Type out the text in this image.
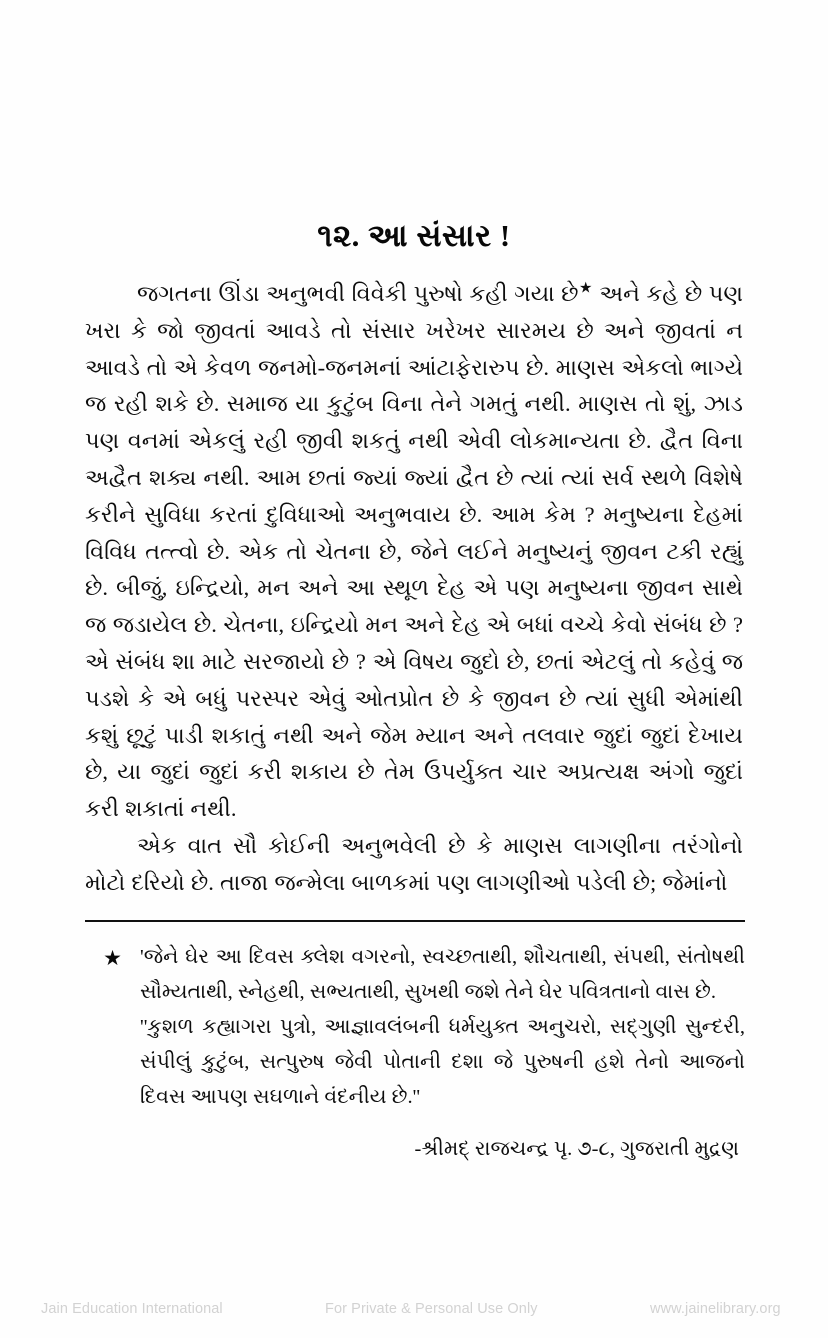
૧૨. આ સંસાર !

જગતના ઊંડા અનુભવી વિવેકી પુરુષો કહી ગયા છે★ અને કહે છે પણ ખરા કે જો જીવતાં આવડે તો સંસાર ખરેખર સારમય છે અને જીવતાં ન આવડે તો એ કેવળ જનમો-જનમનાં આંટાફેરારુપ છે. માણસ એકલો ભાગ્યે જ રહી શકે છે. સમાજ યા કુટુંબ વિના તેને ગમતું નથી. માણસ તો શું, ઝાડ પણ વનમાં એકલું રહી જીવી શકતું નથી એવી લોકમાન્યતા છે. દ્વૈત વિના અદ્વૈત શક્ય નથી. આમ છતાં જ્યાં જ્યાં દ્વૈત છે ત્યાં ત્યાં સર્વ સ્થળે વિશેષે કરીને સુવિધા કરતાં દુવિધાઓ અનુભવાય છે. આમ કેમ ? મનુષ્યના દેહમાં વિવિધ તત્ત્વો છે. એક તો ચેતના છે, જેને લઈને મનુષ્યનું જીવન ટકી રહ્યું છે. બીજું, ઇન્દ્રિયો, મન અને આ સ્થૂળ દેહ એ પણ મનુષ્યના જીવન સાથે જ જડાયેલ છે. ચેતના, ઇન્દ્રિયો મન અને દેહ એ બધાં વચ્ચે કેવો સંબંધ છે ? એ સંબંધ શા માટે સરજાયો છે ? એ વિષય જુદો છે, છતાં એટલું તો કહેવું જ પડશે કે એ બધું પરસ્પર એવું ઓતપ્રોત છે કે જીવન છે ત્યાં સુધી એમાંથી કશું છૂટું પાડી શકાતું નથી અને જેમ મ્યાન અને તલવાર જુદાં જુદાં દેખાય છે, યા જુદાં જુદાં કરી શકાય છે તેમ ઉપર્યુક્ત ચાર અપ્રત્યક્ષ અંગો જુદાં કરી શકાતાં નથી.

એક વાત સૌ કોઈની અનુભવેલી છે કે માણસ લાગણીના તરંગોનો મોટો દરિયો છે. તાજા જન્મેલા બાળકમાં પણ લાગણીઓ પડેલી છે; જેમાંનો

★ 'જેને ઘેર આ દિવસ ક્લેશ વગરનો, સ્વચ્છતાથી, શૌચતાથી, સંપથી, સંતોષથી સૌમ્યતાથી, સ્નેહથી, સભ્યતાથી, સુખથી જશે તેને ઘેર પવિત્રતાનો વાસ છે.

''કુશળ કહ્યાગરા પુત્રો, આજ્ઞાવલંબની ધર્મયુક્ત અનુચરો, સદ્‌ગુણી સુન્દરી, સંપીલું કુટુંબ, સત્પુરુષ જેવી પોતાની દશા જે પુરુષની હશે તેનો આજનો દિવસ આપણ સઘળાને વંદનીય છે.''

-શ્રીમદ્ રાજચન્દ્ર પૃ. ૭-૮, ગુજરાતી મુદ્રણ
Jain Education International	For Private & Personal Use Only	www.jainelibrary.org
